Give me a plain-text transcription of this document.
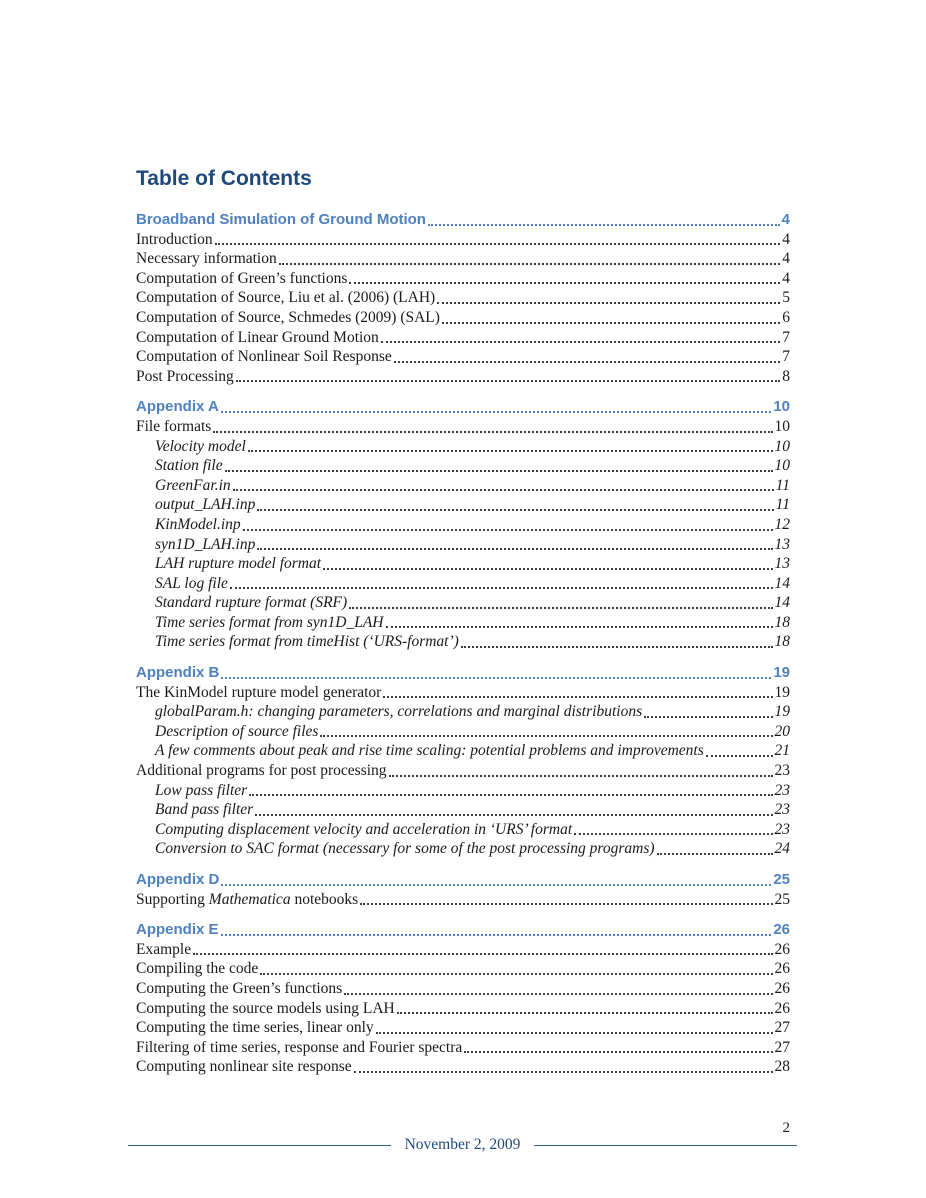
Table of Contents
Broadband Simulation of Ground Motion	4
Introduction	4
Necessary information	4
Computation of Green’s functions	4
Computation of Source, Liu et al. (2006) (LAH)	5
Computation of Source, Schmedes (2009) (SAL)	6
Computation of Linear Ground Motion	7
Computation of Nonlinear Soil Response	7
Post Processing	8
Appendix A	10
File formats	10
Velocity model	10
Station file	10
GreenFar.in	11
output_LAH.inp	11
KinModel.inp	12
syn1D_LAH.inp	13
LAH rupture model format	13
SAL log file	14
Standard rupture format (SRF)	14
Time series format from syn1D_LAH	18
Time series format from timeHist (‘URS-format’)	18
Appendix B	19
The KinModel rupture model generator	19
globalParam.h: changing parameters, correlations and marginal distributions	19
Description of source files	20
A few comments about peak and rise time scaling: potential problems and improvements	21
Additional programs for post processing	23
Low pass filter	23
Band pass filter	23
Computing displacement velocity and acceleration in ‘URS’ format	23
Conversion to SAC format (necessary for some of the post processing programs)	24
Appendix D	25
Supporting Mathematica notebooks	25
Appendix E	26
Example	26
Compiling the code	26
Computing the Green’s functions	26
Computing the source models using LAH	26
Computing the time series, linear only	27
Filtering of time series, response and Fourier spectra	27
Computing nonlinear site response	28
2
November 2, 2009
